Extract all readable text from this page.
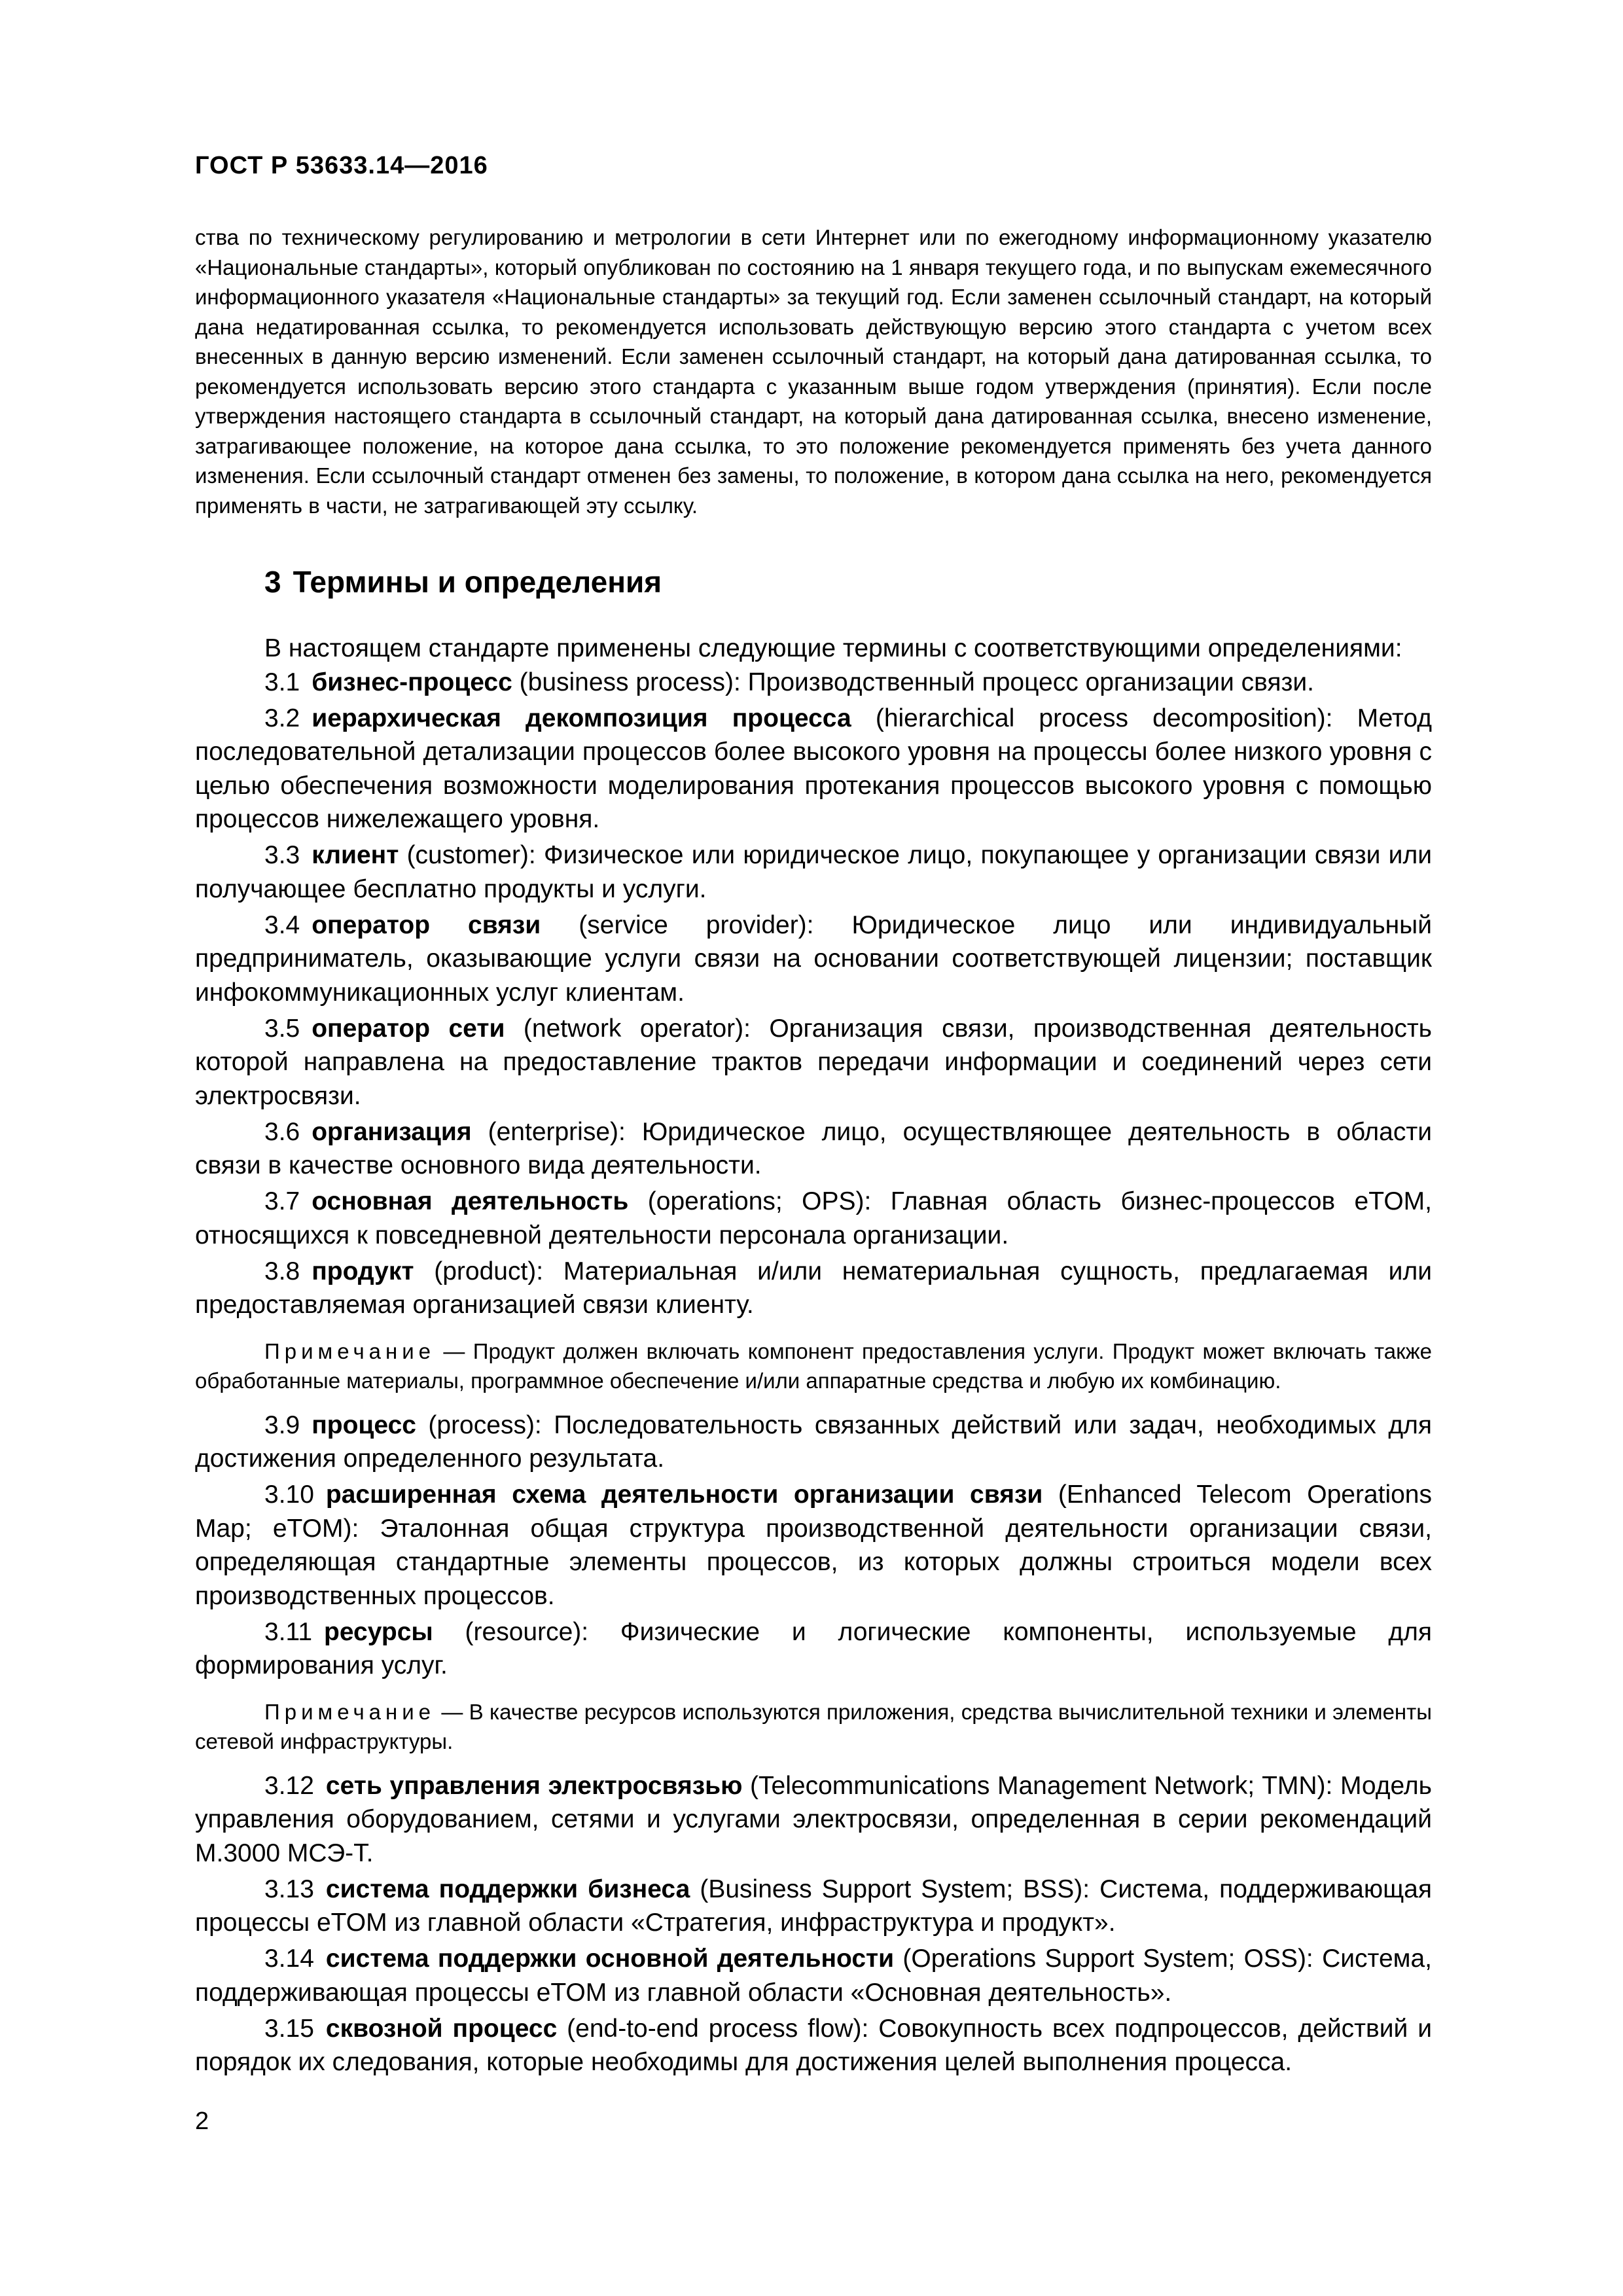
ГОСТ Р 53633.14—2016

ства по техническому регулированию и метрологии в сети Интернет или по ежегодному информационному указателю «Национальные стандарты», который опубликован по состоянию на 1 января текущего года, и по выпускам ежемесячного информационного указателя «Национальные стандарты» за текущий год. Если заменен ссылочный стандарт, на который дана недатированная ссылка, то рекомендуется использовать действующую версию этого стандарта с учетом всех внесенных в данную версию изменений. Если заменен ссылочный стандарт, на который дана датированная ссылка, то рекомендуется использовать версию этого стандарта с указанным выше годом утверждения (принятия). Если после утверждения настоящего стандарта в ссылочный стандарт, на который дана датированная ссылка, внесено изменение, затрагивающее положение, на которое дана ссылка, то это положение рекомендуется применять без учета данного изменения. Если ссылочный стандарт отменен без замены, то положение, в котором дана ссылка на него, рекомендуется применять в части, не затрагивающей эту ссылку.

3 Термины и определения

В настоящем стандарте применены следующие термины с соответствующими определениями:

3.1 бизнес-процесс (business process): Производственный процесс организации связи.

3.2 иерархическая декомпозиция процесса (hierarchical process decomposition): Метод последовательной детализации процессов более высокого уровня на процессы более низкого уровня с целью обеспечения возможности моделирования протекания процессов высокого уровня с помощью процессов нижележащего уровня.

3.3 клиент (customer): Физическое или юридическое лицо, покупающее у организации связи или получающее бесплатно продукты и услуги.

3.4 оператор связи (service provider): Юридическое лицо или индивидуальный предприниматель, оказывающие услуги связи на основании соответствующей лицензии; поставщик инфокоммуникационных услуг клиентам.

3.5 оператор сети (network operator): Организация связи, производственная деятельность которой направлена на предоставление трактов передачи информации и соединений через сети электросвязи.

3.6 организация (enterprise): Юридическое лицо, осуществляющее деятельность в области связи в качестве основного вида деятельности.

3.7 основная деятельность (operations; OPS): Главная область бизнес-процессов eTOM, относящихся к повседневной деятельности персонала организации.

3.8 продукт (product): Материальная и/или нематериальная сущность, предлагаемая или предоставляемая организацией связи клиенту.

Примечание — Продукт должен включать компонент предоставления услуги. Продукт может включать также обработанные материалы, программное обеспечение и/или аппаратные средства и любую их комбинацию.

3.9 процесс (process): Последовательность связанных действий или задач, необходимых для достижения определенного результата.

3.10 расширенная схема деятельности организации связи (Enhanced Telecom Operations Map; eTOM): Эталонная общая структура производственной деятельности организации связи, определяющая стандартные элементы процессов, из которых должны строиться модели всех производственных процессов.

3.11 ресурсы (resource): Физические и логические компоненты, используемые для формирования услуг.

Примечание — В качестве ресурсов используются приложения, средства вычислительной техники и элементы сетевой инфраструктуры.

3.12 сеть управления электросвязью (Telecommunications Management Network; TMN): Модель управления оборудованием, сетями и услугами электросвязи, определенная в серии рекомендаций М.3000 МСЭ-Т.

3.13 система поддержки бизнеса (Business Support System; BSS): Система, поддерживающая процессы eTOM из главной области «Стратегия, инфраструктура и продукт».

3.14 система поддержки основной деятельности (Operations Support System; OSS): Система, поддерживающая процессы eTOM из главной области «Основная деятельность».

3.15 сквозной процесс (end-to-end process flow): Совокупность всех подпроцессов, действий и порядок их следования, которые необходимы для достижения целей выполнения процесса.

2
